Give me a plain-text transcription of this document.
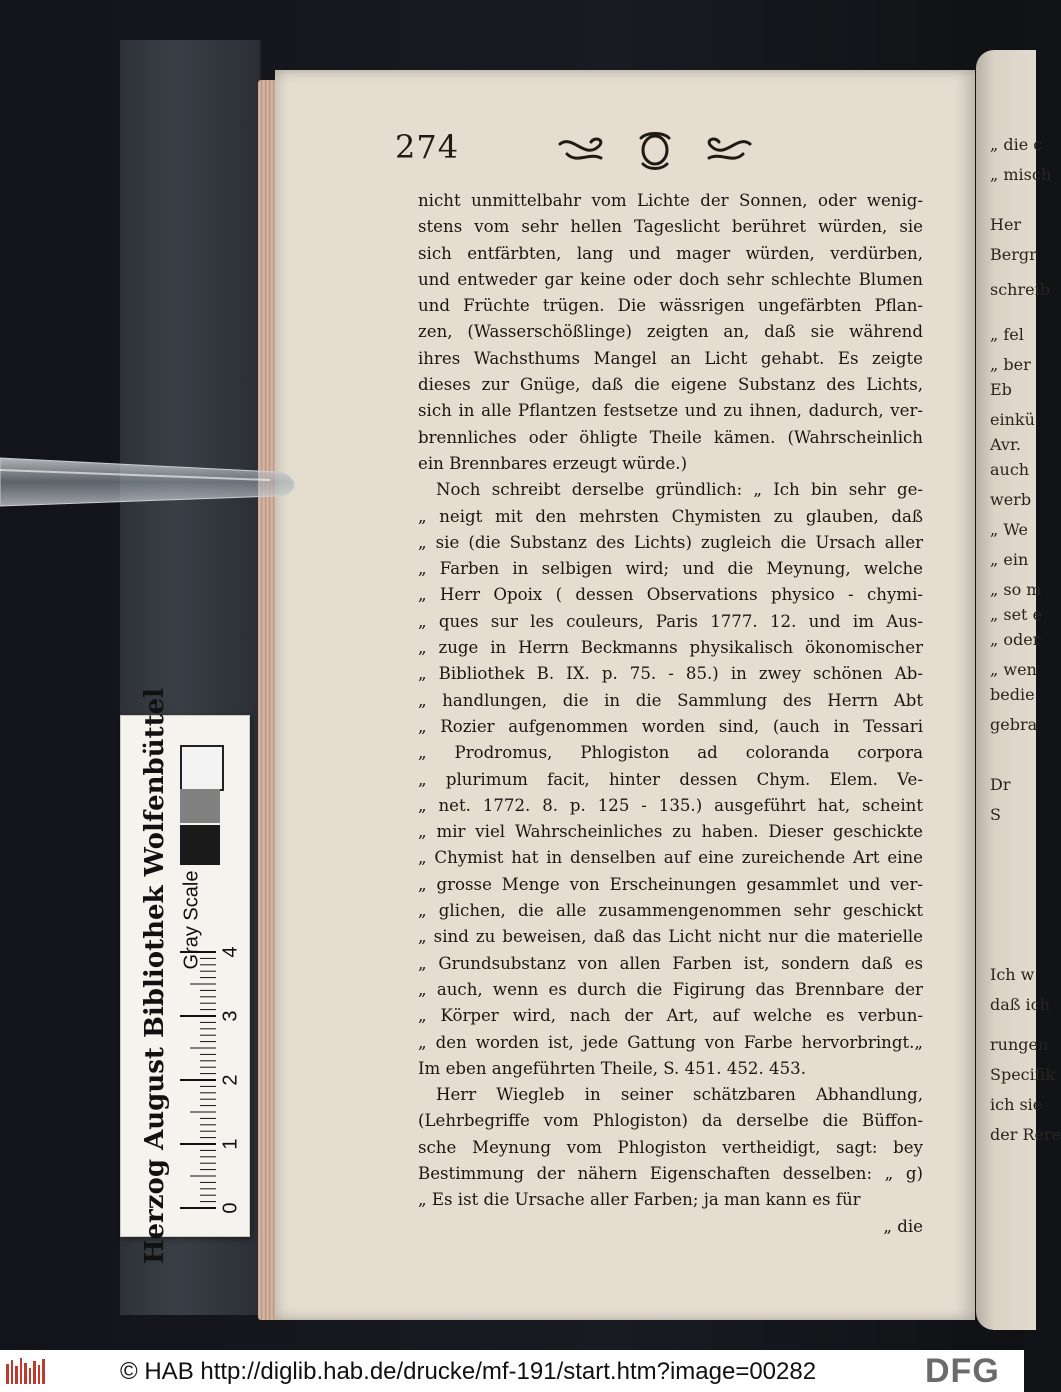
„ die c
„ misch
Her
Bergr
schreib
„ fel
„ ber
Eb
einkü
Avr.
auch
werb
„ We
„ ein
„ so m
„ set e
„ oder
„ wen
bedie
gebra
Dr
S
Ich w
daß ich
rungen
Specifik
ich sie
der Rere
274
nicht unmittelbahr vom Lichte der Sonnen, oder wenig-
stens vom sehr hellen Tageslicht berühret würden, sie
sich entfärbten, lang und mager würden, verdürben,
und entweder gar keine oder doch sehr schlechte Blumen
und Früchte trügen. Die wässrigen ungefärbten Pflan-
zen, (Wasserschößlinge) zeigten an, daß sie während
ihres Wachsthums Mangel an Licht gehabt. Es zeigte
dieses zur Gnüge, daß die eigene Substanz des Lichts,
sich in alle Pflantzen festsetze und zu ihnen, dadurch, ver-
brennliches oder öhligte Theile kämen. (Wahrscheinlich
ein Brennbares erzeugt würde.)
Noch schreibt derselbe gründlich: „ Ich bin sehr ge-
„ neigt mit den mehrsten Chymisten zu glauben, daß
„ sie (die Substanz des Lichts) zugleich die Ursach aller
„ Farben in selbigen wird; und die Meynung, welche
„ Herr Opoix ( dessen Observations physico - chymi-
„ ques sur les couleurs, Paris 1777. 12. und im Aus-
„ zuge in Herrn Beckmanns physikalisch ökonomischer
„ Bibliothek B. IX. p. 75. - 85.) in zwey schönen Ab-
„ handlungen, die in die Sammlung des Herrn Abt
„ Rozier aufgenommen worden sind, (auch in Tessari
„ Prodromus, Phlogiston ad coloranda corpora
„ plurimum facit, hinter dessen Chym. Elem. Ve-
„ net. 1772. 8. p. 125 - 135.) ausgeführt hat, scheint
„ mir viel Wahrscheinliches zu haben. Dieser geschickte
„ Chymist hat in denselben auf eine zureichende Art eine
„ grosse Menge von Erscheinungen gesammlet und ver-
„ glichen, die alle zusammengenommen sehr geschickt
„ sind zu beweisen, daß das Licht nicht nur die materielle
„ Grundsubstanz von allen Farben ist, sondern daß es
„ auch, wenn es durch die Figirung das Brennbare der
„ Körper wird, nach der Art, auf welche es verbun-
„ den worden ist, jede Gattung von Farbe hervorbringt.„
Im eben angeführten Theile, S. 451. 452. 453.
Herr Wiegleb in seiner schätzbaren Abhandlung,
(Lehrbegriffe vom Phlogiston) da derselbe die Büffon-
sche Meynung vom Phlogiston vertheidigt, sagt: bey
Bestimmung der nähern Eigenschaften desselben: „ g)
„ Es ist die Ursache aller Farben; ja man kann es für
„ die
Herzog August Bibliothek Wolfenbüttel Gray Scale
0
1
2
3
4
© HAB http://diglib.hab.de/drucke/mf-191/start.htm?image=00282	DFG
